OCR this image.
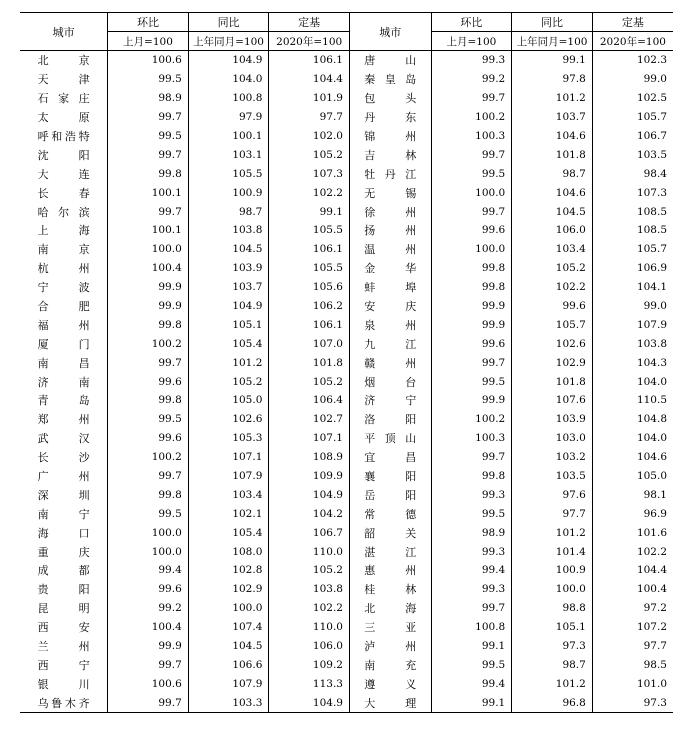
城市	环比	同比	定基	城市	环比	同比	定基
	上月=100	上年同月=100	2020年=100		上月=100	上年同月=100	2020年=100
北 京	100.6	104.9	106.1	唐 山	99.3	99.1	102.3
天 津	99.5	104.0	104.4	秦皇岛	99.2	97.8	99.0
石家庄	98.9	100.8	101.9	包 头	99.7	101.2	102.5
太 原	99.7	97.9	97.7	丹 东	100.2	103.7	105.7
呼和浩特	99.5	100.1	102.0	锦 州	100.3	104.6	106.7
沈 阳	99.7	103.1	105.2	吉 林	99.7	101.8	103.5
大 连	99.8	105.5	107.3	牡丹江	99.5	98.7	98.4
长 春	100.1	100.9	102.2	无 锡	100.0	104.6	107.3
哈尔滨	99.7	98.7	99.1	徐 州	99.7	104.5	108.5
上 海	100.1	103.8	105.5	扬 州	99.6	106.0	108.5
南 京	100.0	104.5	106.1	温 州	100.0	103.4	105.7
杭 州	100.4	103.9	105.5	金 华	99.8	105.2	106.9
宁 波	99.9	103.7	105.6	蚌 埠	99.8	102.2	104.1
合 肥	99.9	104.9	106.2	安 庆	99.9	99.6	99.0
福 州	99.8	105.1	106.1	泉 州	99.9	105.7	107.9
厦 门	100.2	105.4	107.0	九 江	99.6	102.6	103.8
南 昌	99.7	101.2	101.8	赣 州	99.7	102.9	104.3
济 南	99.6	105.2	105.2	烟 台	99.5	101.8	104.0
青 岛	99.8	105.0	106.4	济 宁	99.9	107.6	110.5
郑 州	99.5	102.6	102.7	洛 阳	100.2	103.9	104.8
武 汉	99.6	105.3	107.1	平顶山	100.3	103.0	104.0
长 沙	100.2	107.1	108.9	宜 昌	99.7	103.2	104.6
广 州	99.7	107.9	109.9	襄 阳	99.8	103.5	105.0
深 圳	99.8	103.4	104.9	岳 阳	99.3	97.6	98.1
南 宁	99.5	102.1	104.2	常 德	99.5	97.7	96.9
海 口	100.0	105.4	106.7	韶 关	98.9	101.2	101.6
重 庆	100.0	108.0	110.0	湛 江	99.3	101.4	102.2
成 都	99.4	102.8	105.2	惠 州	99.4	100.9	104.4
贵 阳	99.6	102.9	103.8	桂 林	99.3	100.0	100.4
昆 明	99.2	100.0	102.2	北 海	99.7	98.8	97.2
西 安	100.4	107.4	110.0	三 亚	100.8	105.1	107.2
兰 州	99.9	104.5	106.0	泸 州	99.1	97.3	97.7
西 宁	99.7	106.6	109.2	南 充	99.5	98.7	98.5
银 川	100.6	107.9	113.3	遵 义	99.4	101.2	101.0
乌鲁木齐	99.7	103.3	104.9	大 理	99.1	96.8	97.3
